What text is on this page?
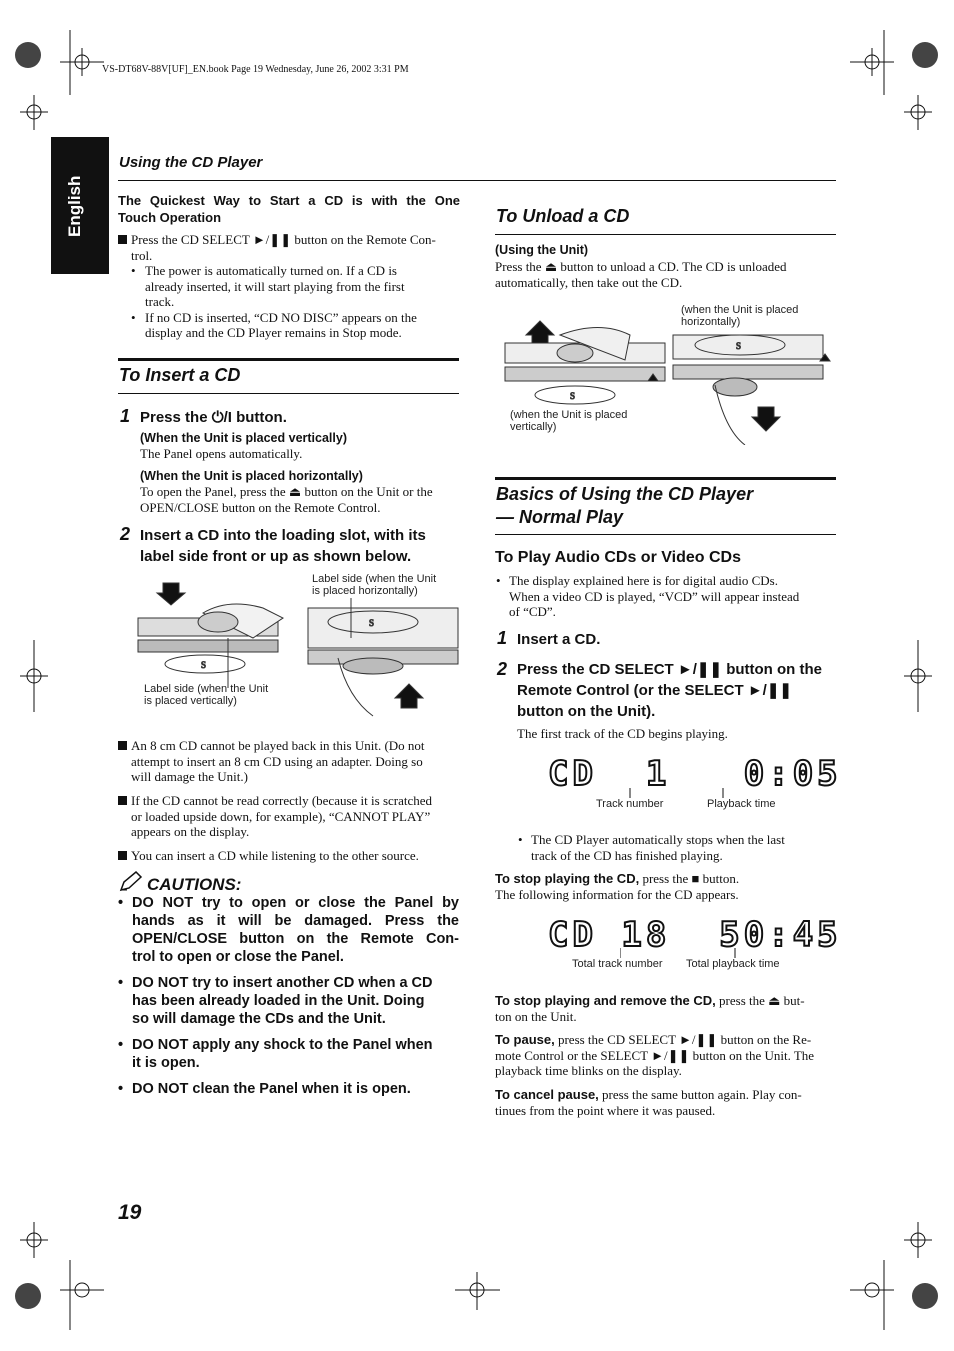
VS-DT68V-88V[UF]_EN.book Page 19 Wednesday, June 26, 2002 3:31 PM
English
Using the CD Player
The Quickest Way to Start a CD is with the One
Touch Operation
Press the CD SELECT ►/❚❚ button on the Remote Con-
trol.
• The power is automatically turned on. If a CD is
already inserted, it will start playing from the first
track.
• If no CD is inserted, “CD NO DISC” appears on the
display and the CD Player remains in Stop mode.
To Insert a CD
1 Press the ⏻/I button.
(When the Unit is placed vertically)
The Panel opens automatically.
(When the Unit is placed horizontally)
To open the Panel, press the ⏏ button on the Unit or the
OPEN/CLOSE button on the Remote Control.
2 Insert a CD into the loading slot, with its
label side front or up as shown below.
S
S
Label side (when the Unit
is placed horizontally)
Label side (when the Unit
is placed vertically)
An 8 cm CD cannot be played back in this Unit. (Do not
attempt to insert an 8 cm CD using an adapter. Doing so
will damage the Unit.)
If the CD cannot be read correctly (because it is scratched
or loaded upside down, for example), “CANNOT PLAY”
appears on the display.
You can insert a CD while listening to the other source.
CAUTIONS:
• DO NOT try to open or close the Panel by
hands as it will be damaged. Press the
OPEN/CLOSE button on the Remote Con-
trol to open or close the Panel.
• DO NOT try to insert another CD when a CD
has been already loaded in the Unit. Doing
so will damage the CDs and the Unit.
• DO NOT apply any shock to the Panel when
it is open.
• DO NOT clean the Panel when it is open.
To Unload a CD
(Using the Unit)
Press the ⏏ button to unload a CD. The CD is unloaded
automatically, then take out the CD.
S
S
(when the Unit is placed
horizontally)
(when the Unit is placed
vertically)
Basics of Using the CD Player
— Normal Play
To Play Audio CDs or Video CDs
• The display explained here is for digital audio CDs.
When a video CD is played, “VCD” will appear instead
of “CD”.
1 Insert a CD.
2 Press the CD SELECT ►/❚❚ button on the
Remote Control (or the SELECT ►/❚❚
button on the Unit).
The first track of the CD begins playing.
CD  1   0:05
Track number	Playback time
• The CD Player automatically stops when the last
track of the CD has finished playing.
To stop playing the CD, press the ■ button.
The following information for the CD appears.
CD 18  50:45
Total track number Total playback time
To stop playing and remove the CD, press the ⏏ but-
ton on the Unit.
To pause, press the CD SELECT ►/❚❚ button on the Re-
mote Control or the SELECT ►/❚❚ button on the Unit. The
playback time blinks on the display.
To cancel pause, press the same button again. Play con-
tinues from the point where it was paused.
19
